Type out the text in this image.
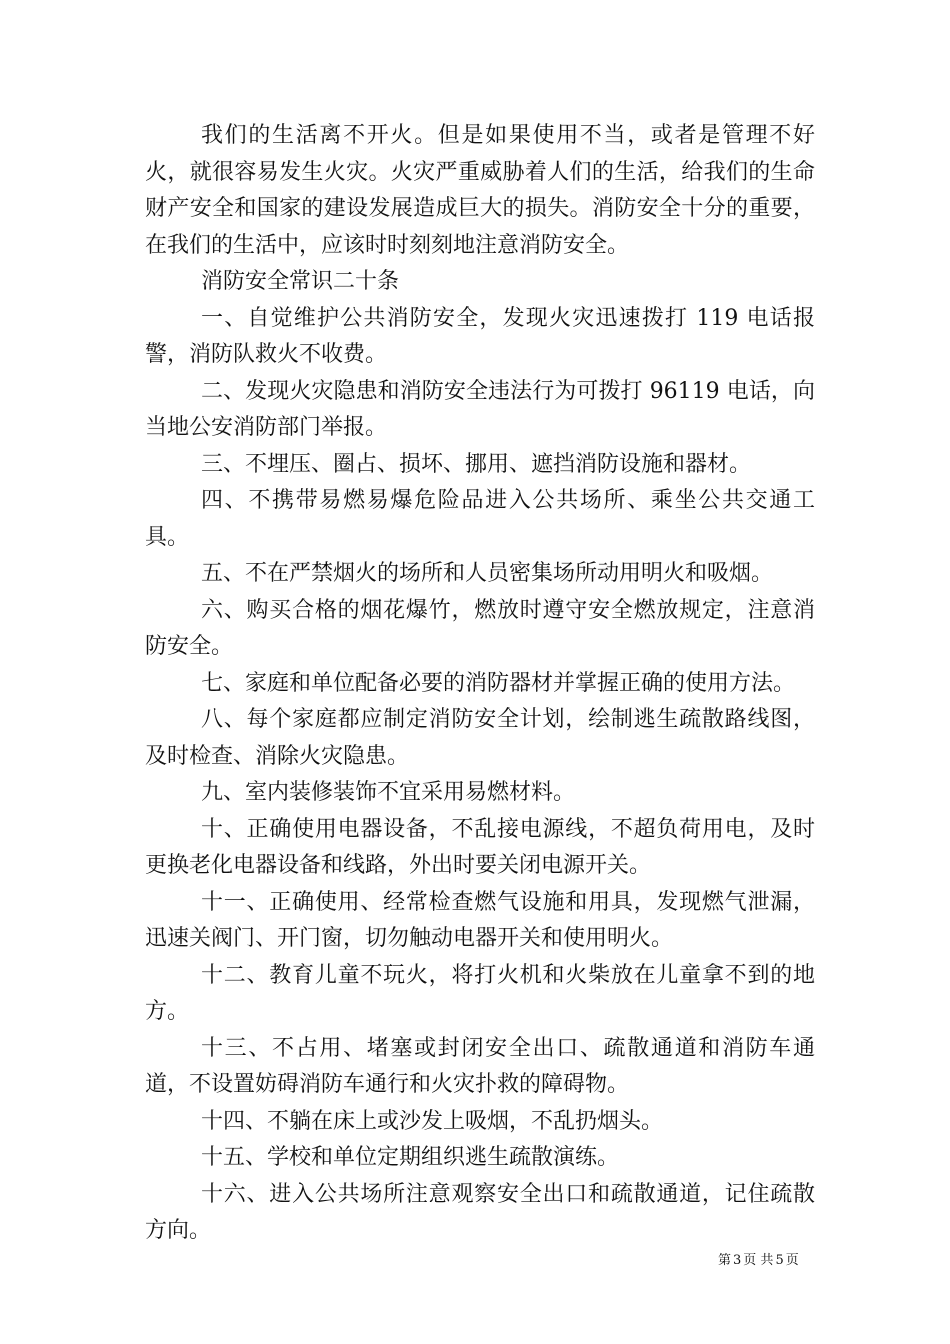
我们的生活离不开火。但是如果使用不当，或者是管理不好火，就很容易发生火灾。火灾严重威胁着人们的生活，给我们的生命财产安全和国家的建设发展造成巨大的损失。消防安全十分的重要，在我们的生活中，应该时时刻刻地注意消防安全。

消防安全常识二十条

一、自觉维护公共消防安全，发现火灾迅速拨打 119 电话报警，消防队救火不收费。

二、发现火灾隐患和消防安全违法行为可拨打 96119 电话，向当地公安消防部门举报。

三、不埋压、圈占、损坏、挪用、遮挡消防设施和器材。

四、不携带易燃易爆危险品进入公共场所、乘坐公共交通工具。

五、不在严禁烟火的场所和人员密集场所动用明火和吸烟。

六、购买合格的烟花爆竹，燃放时遵守安全燃放规定，注意消防安全。

七、家庭和单位配备必要的消防器材并掌握正确的使用方法。

八、每个家庭都应制定消防安全计划，绘制逃生疏散路线图，及时检查、消除火灾隐患。

九、室内装修装饰不宜采用易燃材料。

十、正确使用电器设备，不乱接电源线，不超负荷用电，及时更换老化电器设备和线路，外出时要关闭电源开关。

十一、正确使用、经常检查燃气设施和用具，发现燃气泄漏，迅速关阀门、开门窗，切勿触动电器开关和使用明火。

十二、教育儿童不玩火，将打火机和火柴放在儿童拿不到的地方。

十三、不占用、堵塞或封闭安全出口、疏散通道和消防车通道，不设置妨碍消防车通行和火灾扑救的障碍物。

十四、不躺在床上或沙发上吸烟，不乱扔烟头。

十五、学校和单位定期组织逃生疏散演练。

十六、进入公共场所注意观察安全出口和疏散通道，记住疏散方向。

第 3 页 共 5 页
